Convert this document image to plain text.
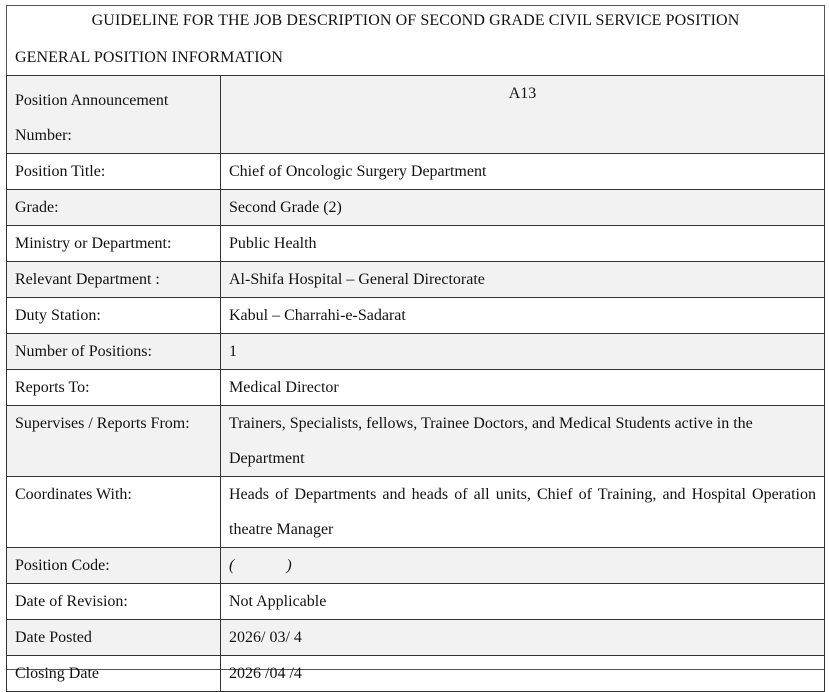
GUIDELINE FOR THE JOB DESCRIPTION OF SECOND GRADE CIVIL SERVICE POSITION
GENERAL POSITION INFORMATION
Position Announcement Number:	A13
Position Title:	Chief of Oncologic Surgery Department
Grade:	Second Grade (2)
Ministry or Department:	Public Health
Relevant Department :	Al-Shifa Hospital – General Directorate
Duty Station:	Kabul – Charrahi-e-Sadarat
Number of Positions:	1
Reports To:	Medical Director
Supervises / Reports From:	Trainers, Specialists, fellows, Trainee Doctors, and Medical Students active in the Department
Coordinates With:	Heads of Departments and heads of all units, Chief of Training, and Hospital Operation theatre Manager
Position Code:	( )
Date of Revision:	Not Applicable
Date Posted	2026/ 03/ 4
Closing Date	2026 /04 /4
